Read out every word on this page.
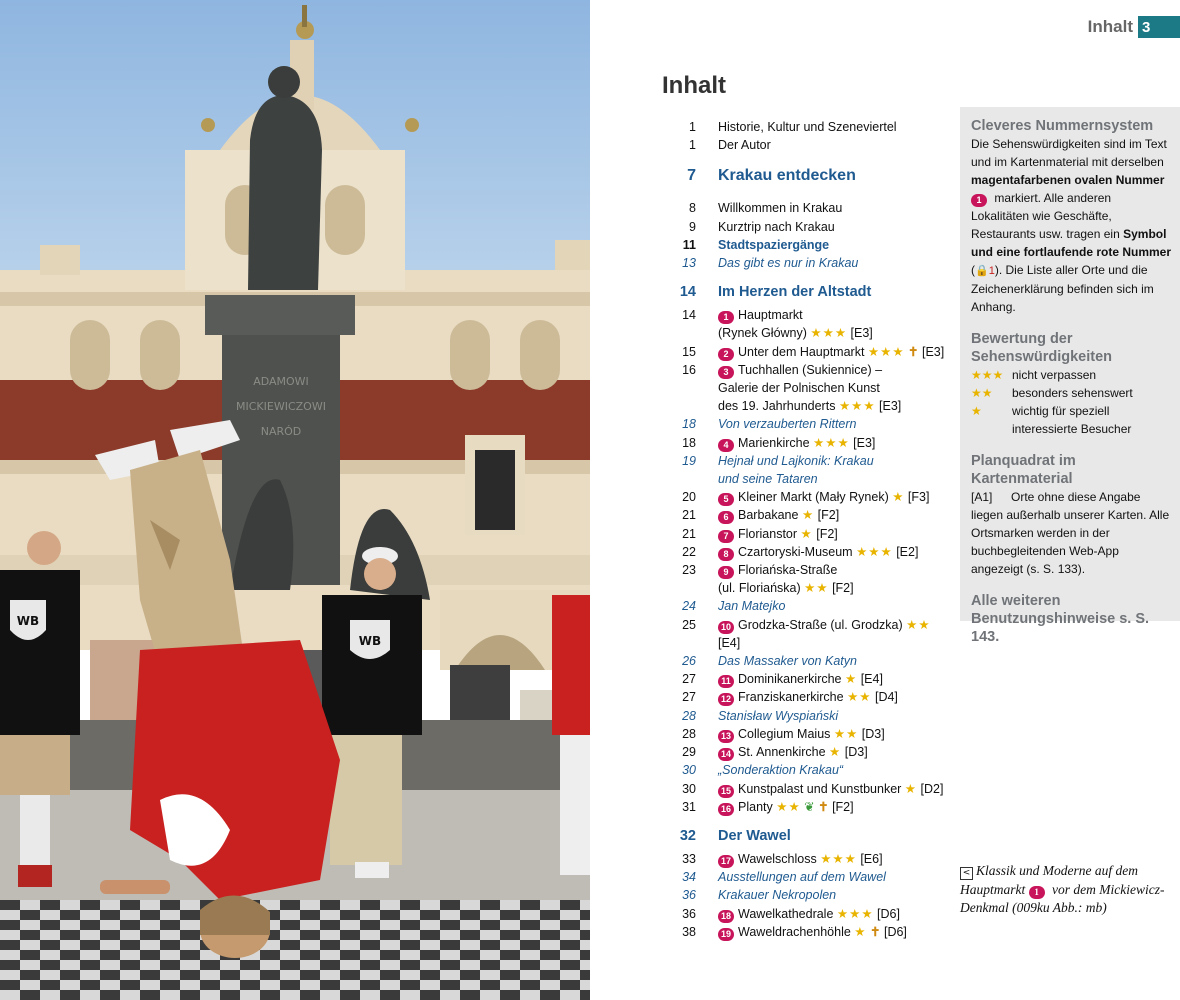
ADAMOWI
MICKIEWICZOWI
NARÓD
WB
WB
Inhalt 3
Inhalt
1 Historie, Kultur und Szeneviertel
1 Der Autor
7 Krakau entdecken
8 Willkommen in Krakau
9 Kurztrip nach Krakau
11 Stadtspaziergänge
13 Das gibt es nur in Krakau
14 Im Herzen der Altstadt
14	1 Hauptmarkt
(Rynek Główny) ★★★ [E3]
15	2 Unter dem Hauptmarkt ★★★ ✝ [E3]
16	3 Tuchhallen (Sukiennice) –
Galerie der Polnischen Kunst
des 19. Jahrhunderts ★★★ [E3]
18 Von verzauberten Rittern
18	4 Marienkirche ★★★ [E3]
19 Hejnał und Lajkonik: Krakau
und seine Tataren
20	5 Kleiner Markt (Mały Rynek) ★ [F3]
21	6 Barbakane ★ [F2]
21	7 Florianstor ★ [F2]
22	8 Czartoryski-Museum ★★★ [E2]
23	9 Floriańska-Straße
(ul. Floriańska) ★★ [F2]
24 Jan Matejko
25	10 Grodzka-Straße (ul. Grodzka) ★★ [E4]
26 Das Massaker von Katyn
27	11 Dominikanerkirche ★ [E4]
27	12 Franziskanerkirche ★★ [D4]
28 Stanisław Wyspiański
28	13 Collegium Maius ★★ [D3]
29	14 St. Annenkirche ★ [D3]
30 „Sonderaktion Krakau“
30	15 Kunstpalast und Kunstbunker ★ [D2]
31	16 Planty ★★ ❦ ✝ [F2]
32 Der Wawel
33	17 Wawelschloss ★★★ [E6]
34 Ausstellungen auf dem Wawel
36 Krakauer Nekropolen
36	18 Wawelkathedrale ★★★ [D6]
38	19 Waweldrachenhöhle ★ ✝ [D6]
Cleveres Nummernsystem

Die Sehenswürdigkeiten sind im Text und im Kartenmaterial mit derselben magentafarbenen ovalen Nummer
1 markiert. Alle anderen Lokalitäten wie Geschäfte, Restaurants usw. tragen ein Symbol und eine fortlaufende rote Nummer (🔒1). Die Liste aller Orte und die Zeichenerklärung befinden sich im Anhang.

Bewertung der Sehenswürdigkeiten
★★★ nicht verpassen
★★	besonders sehenswert
★	wichtig für speziell interessierte Besucher
Planquadrat im Kartenmaterial
[A1]	Orte ohne diese Angabe

liegen außerhalb unserer Karten. Alle Ortsmarken werden in der buchbegleitenden Web-App angezeigt (s. S. 133).

Alle weiteren Benutzungshinweise s. S. 143.
< Klassik und Moderne auf dem Hauptmarkt 1 vor dem Mickiewicz-Denkmal (009ku Abb.: mb)
